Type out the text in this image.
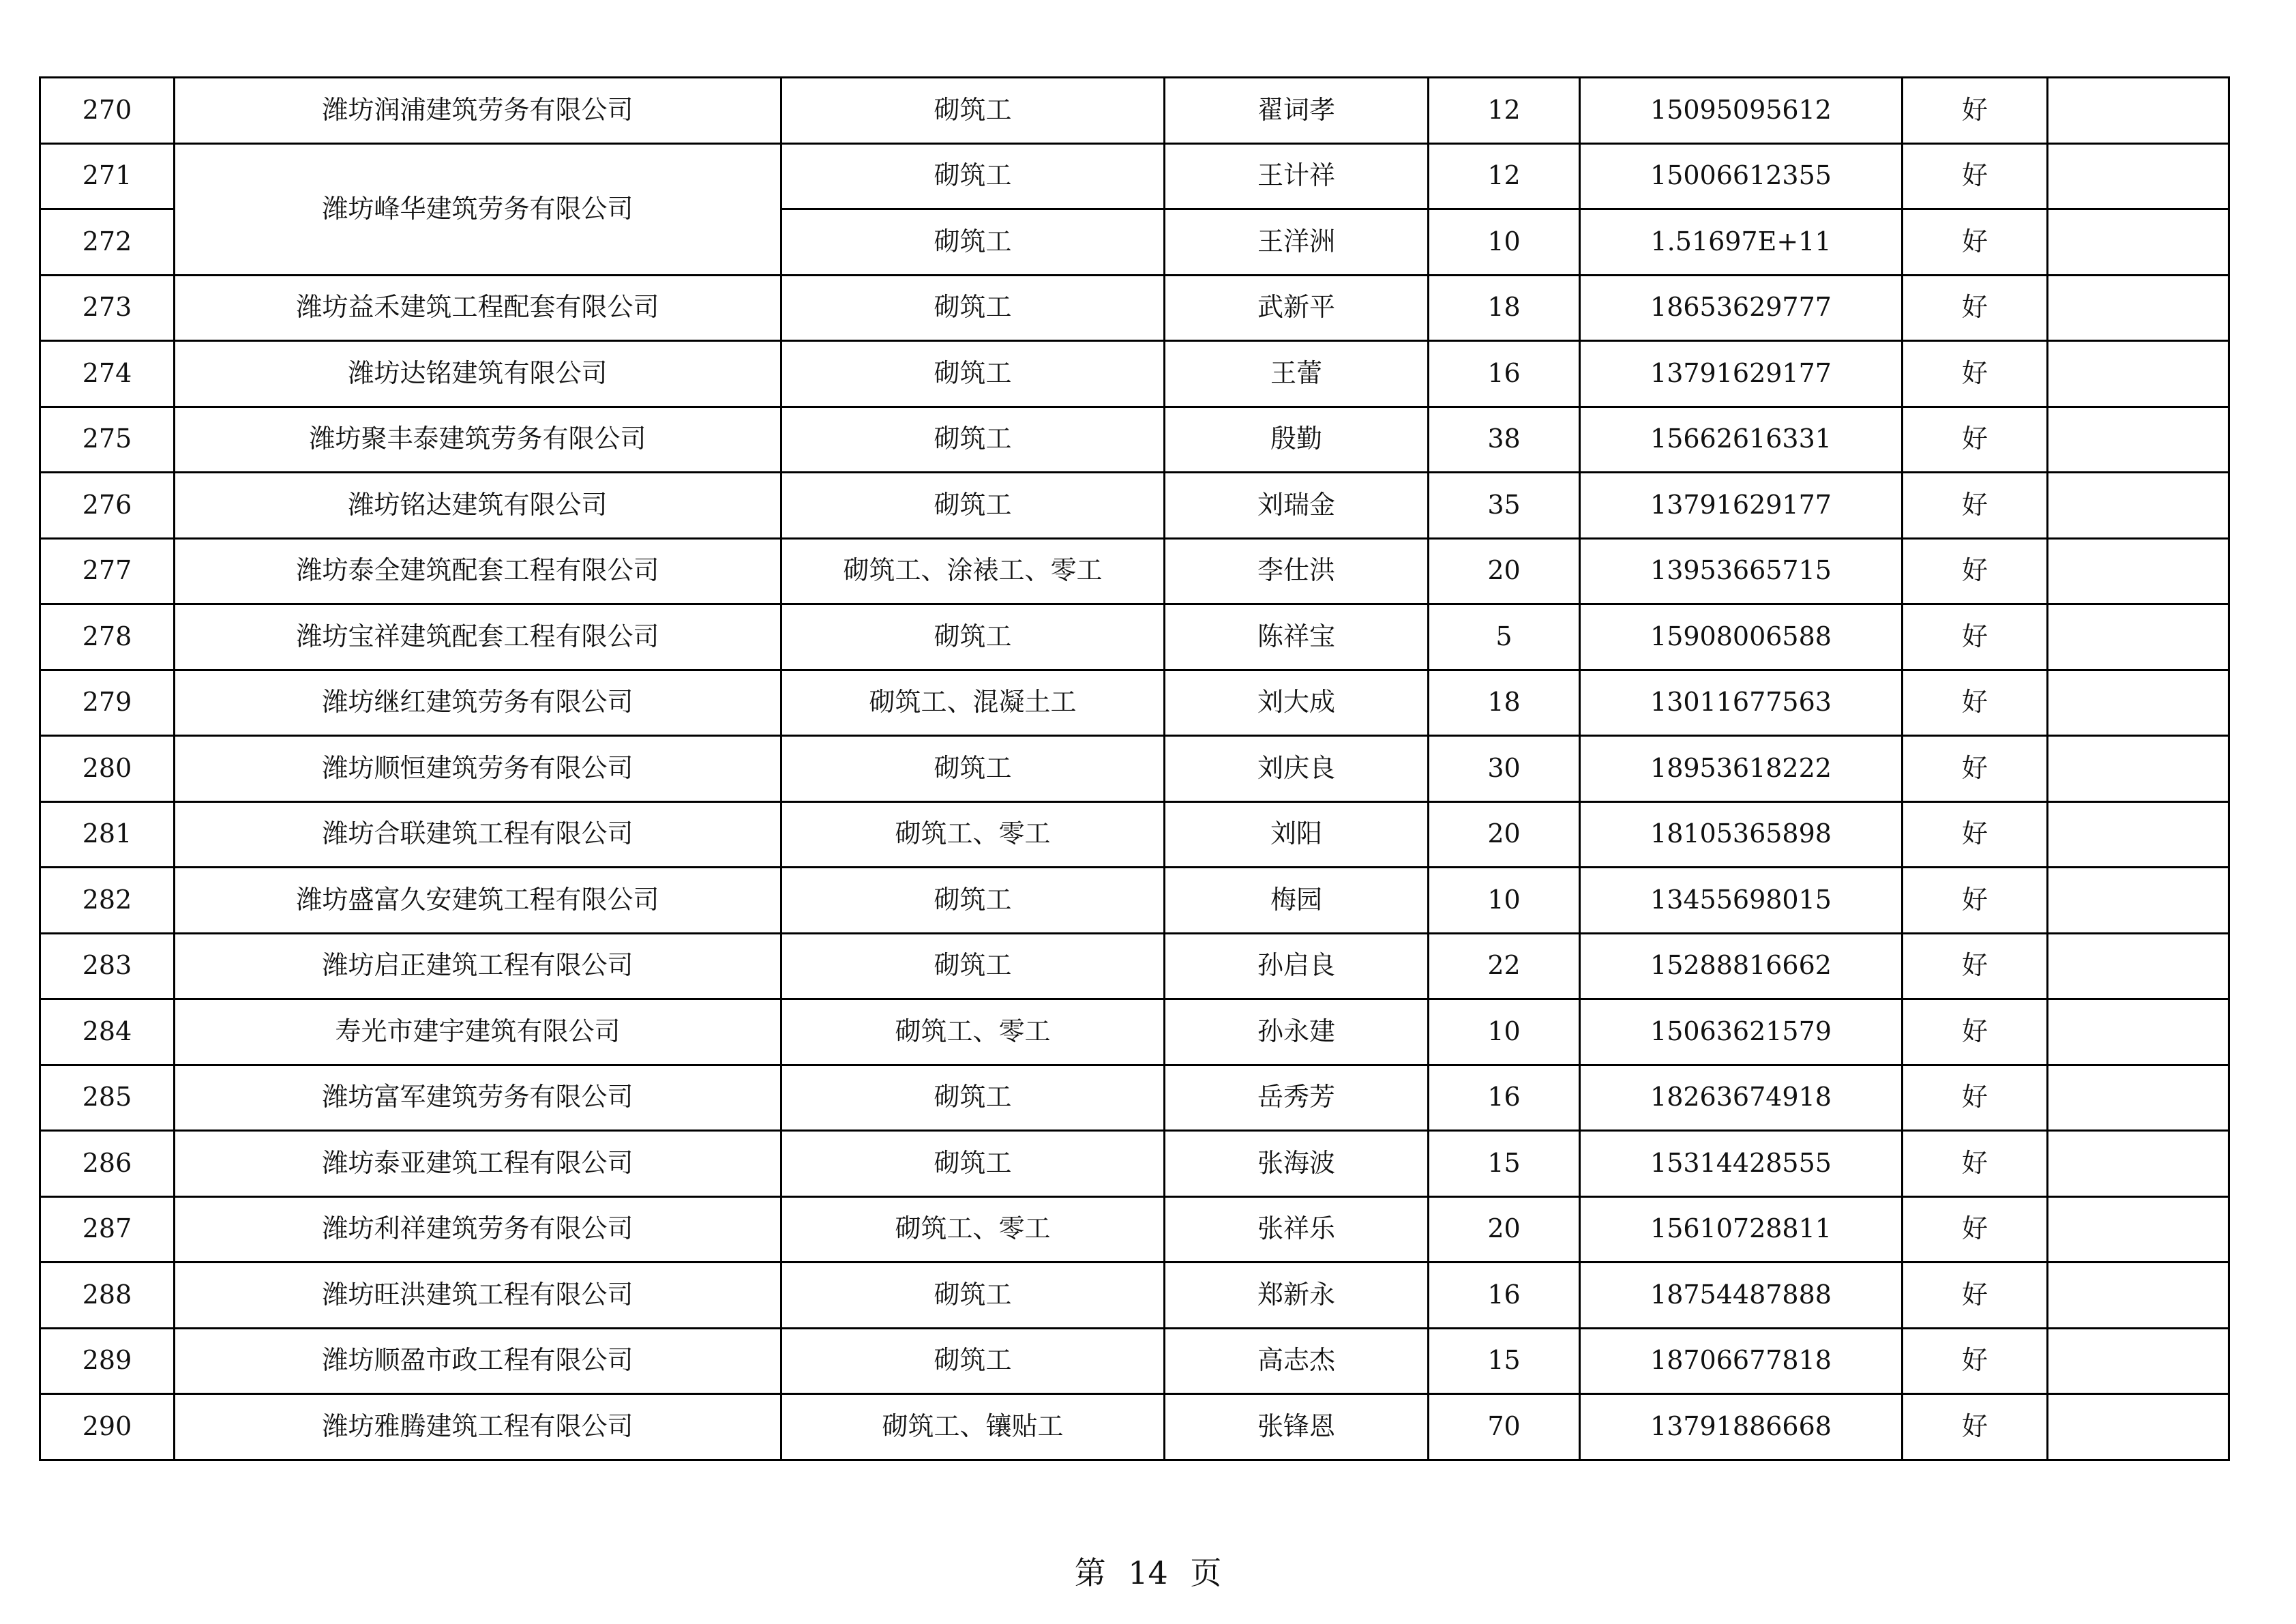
270	潍坊润浦建筑劳务有限公司	砌筑工	翟词孝	12	15095095612	好	
271	潍坊峰华建筑劳务有限公司	砌筑工	王计祥	12	15006612355	好	
272		砌筑工	王洋洲	10	1.51697E+11	好	
273	潍坊益禾建筑工程配套有限公司	砌筑工	武新平	18	18653629777	好	
274	潍坊达铭建筑有限公司	砌筑工	王蕾	16	13791629177	好	
275	潍坊聚丰泰建筑劳务有限公司	砌筑工	殷勤	38	15662616331	好	
276	潍坊铭达建筑有限公司	砌筑工	刘瑞金	35	13791629177	好	
277	潍坊泰全建筑配套工程有限公司	砌筑工、涂裱工、零工	李仕洪	20	13953665715	好	
278	潍坊宝祥建筑配套工程有限公司	砌筑工	陈祥宝	5	15908006588	好	
279	潍坊继红建筑劳务有限公司	砌筑工、混凝土工	刘大成	18	13011677563	好	
280	潍坊顺恒建筑劳务有限公司	砌筑工	刘庆良	30	18953618222	好	
281	潍坊合联建筑工程有限公司	砌筑工、零工	刘阳	20	18105365898	好	
282	潍坊盛富久安建筑工程有限公司	砌筑工	梅园	10	13455698015	好	
283	潍坊启正建筑工程有限公司	砌筑工	孙启良	22	15288816662	好	
284	寿光市建宇建筑有限公司	砌筑工、零工	孙永建	10	15063621579	好	
285	潍坊富军建筑劳务有限公司	砌筑工	岳秀芳	16	18263674918	好	
286	潍坊泰亚建筑工程有限公司	砌筑工	张海波	15	15314428555	好	
287	潍坊利祥建筑劳务有限公司	砌筑工、零工	张祥乐	20	15610728811	好	
288	潍坊旺洪建筑工程有限公司	砌筑工	郑新永	16	18754487888	好	
289	潍坊顺盈市政工程有限公司	砌筑工	高志杰	15	18706677818	好	
290	潍坊雅腾建筑工程有限公司	砌筑工、镶贴工	张锋恩	70	13791886668	好	
第 14 页
